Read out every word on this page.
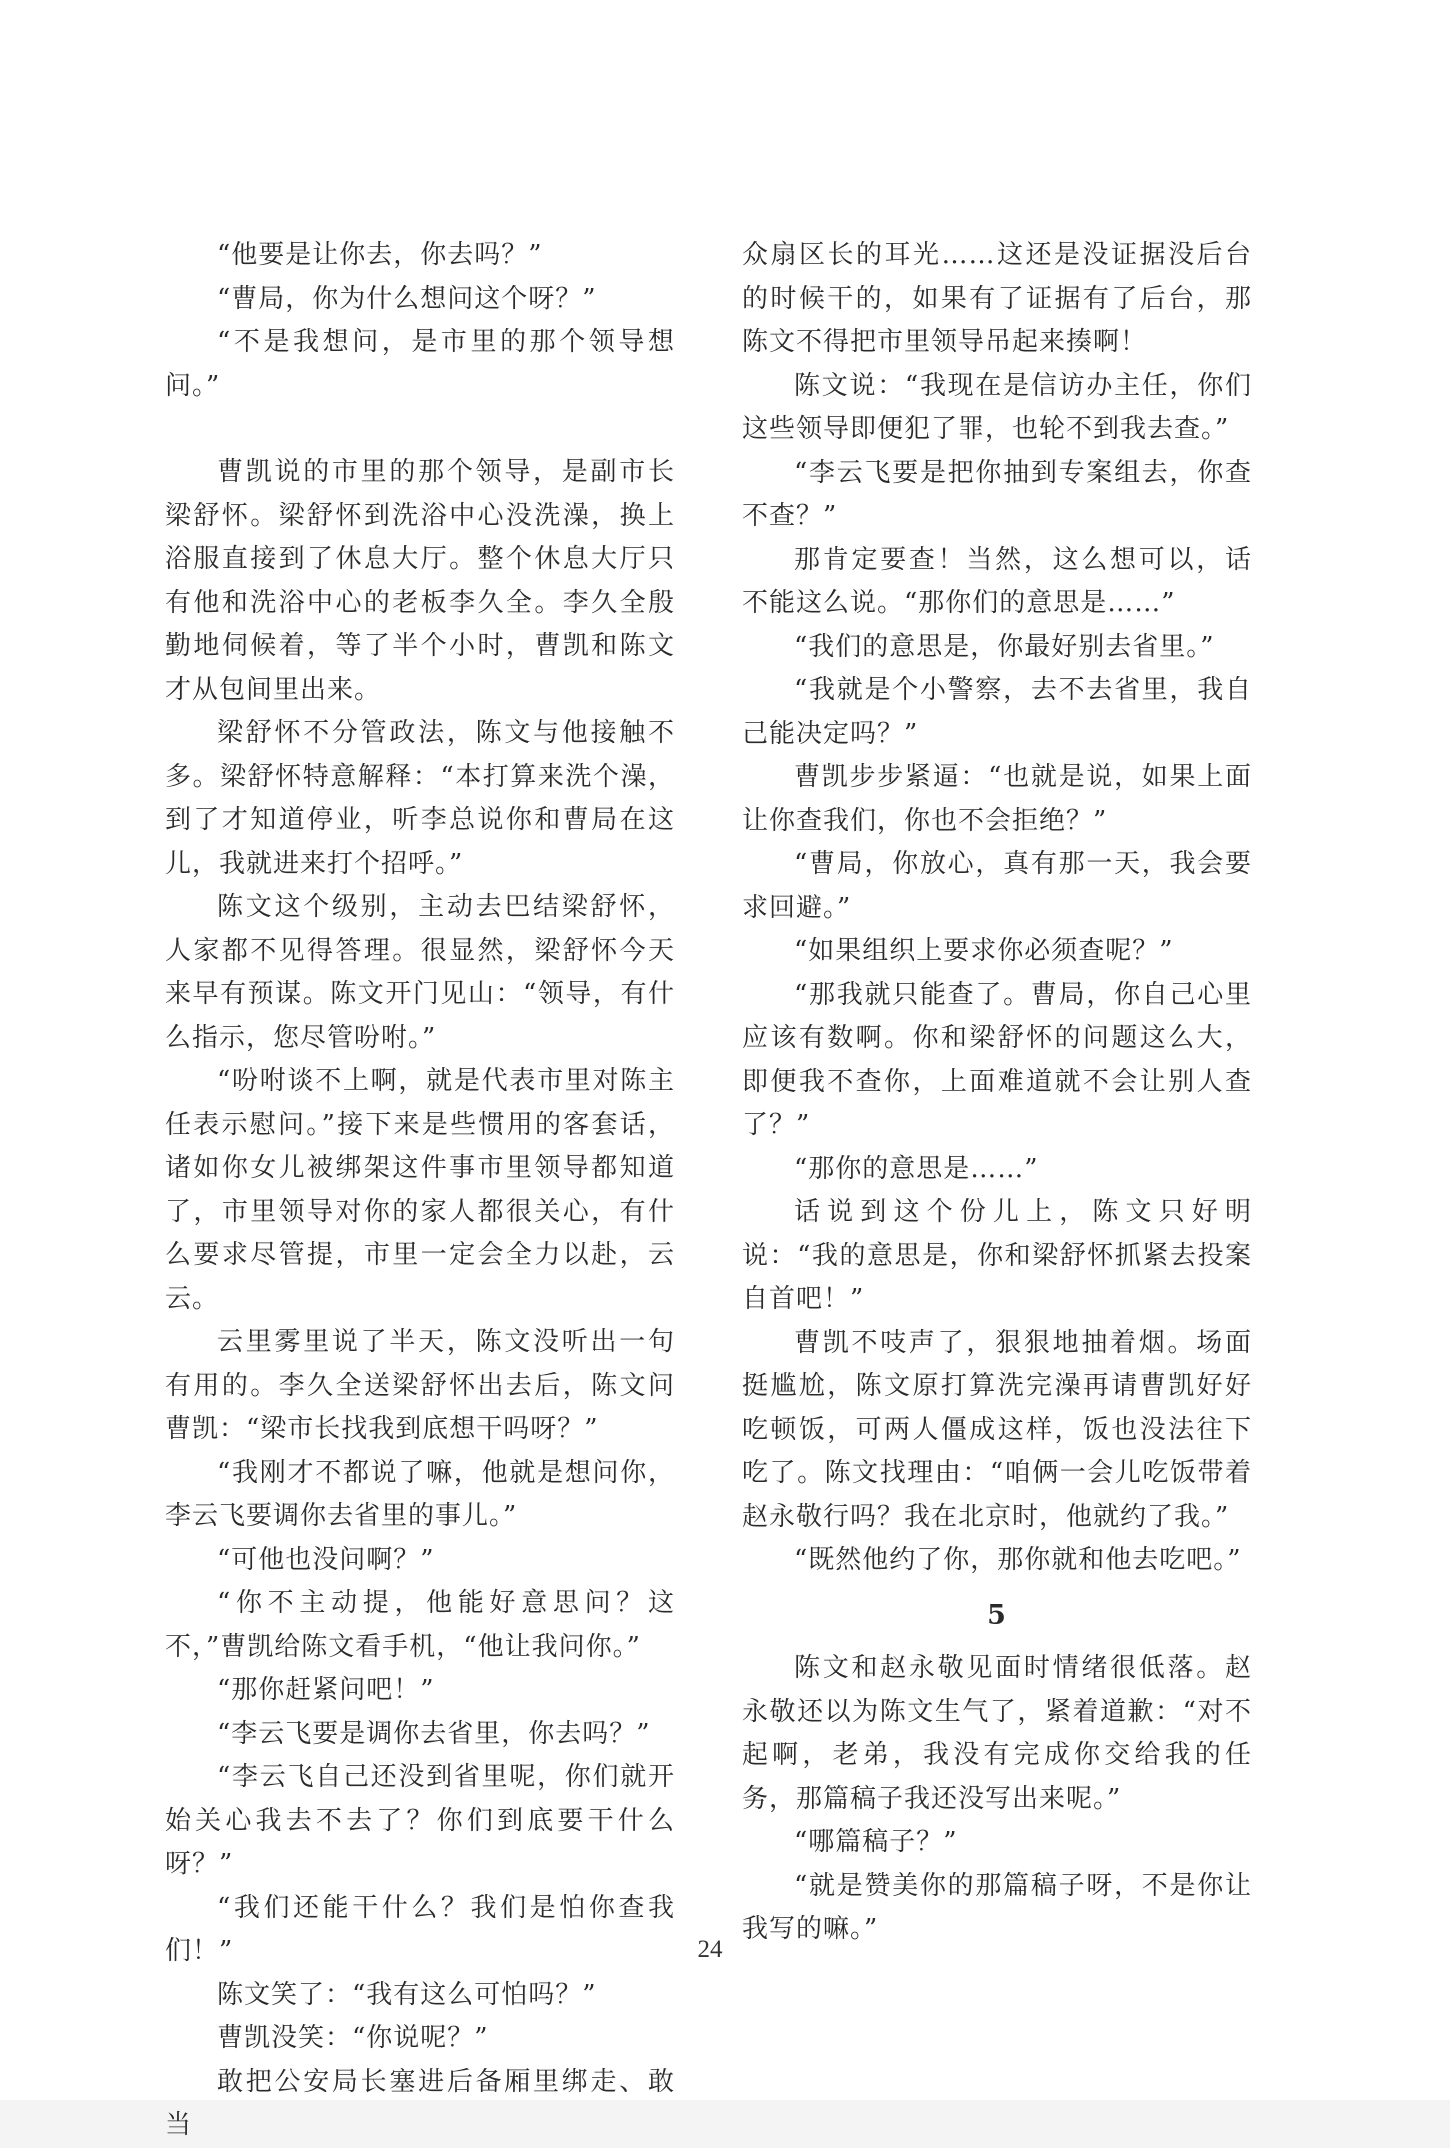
“他要是让你去，你去吗？”

“曹局，你为什么想问这个呀？”

“不是我想问，是市里的那个领导想问。”

曹凯说的市里的那个领导，是副市长梁舒怀。梁舒怀到洗浴中心没洗澡，换上浴服直接到了休息大厅。整个休息大厅只有他和洗浴中心的老板李久全。李久全殷勤地伺候着，等了半个小时，曹凯和陈文才从包间里出来。

梁舒怀不分管政法，陈文与他接触不多。梁舒怀特意解释：“本打算来洗个澡，到了才知道停业，听李总说你和曹局在这儿，我就进来打个招呼。”

陈文这个级别，主动去巴结梁舒怀，人家都不见得答理。很显然，梁舒怀今天来早有预谋。陈文开门见山：“领导，有什么指示，您尽管吩咐。”

“吩咐谈不上啊，就是代表市里对陈主任表示慰问。”接下来是些惯用的客套话，诸如你女儿被绑架这件事市里领导都知道了，市里领导对你的家人都很关心，有什么要求尽管提，市里一定会全力以赴，云云。

云里雾里说了半天，陈文没听出一句有用的。李久全送梁舒怀出去后，陈文问曹凯：“梁市长找我到底想干吗呀？”

“我刚才不都说了嘛，他就是想问你，李云飞要调你去省里的事儿。”

“可他也没问啊？”

“你不主动提，他能好意思问？这不，”曹凯给陈文看手机，“他让我问你。”

“那你赶紧问吧！”

“李云飞要是调你去省里，你去吗？”

“李云飞自己还没到省里呢，你们就开始关心我去不去了？你们到底要干什么呀？”

“我们还能干什么？我们是怕你查我们！”

陈文笑了：“我有这么可怕吗？”

曹凯没笑：“你说呢？”

敢把公安局长塞进后备厢里绑走、敢当

众扇区长的耳光……这还是没证据没后台的时候干的，如果有了证据有了后台，那陈文不得把市里领导吊起来揍啊！

陈文说：“我现在是信访办主任，你们这些领导即便犯了罪，也轮不到我去查。”

“李云飞要是把你抽到专案组去，你查不查？”

那肯定要查！当然，这么想可以，话不能这么说。“那你们的意思是……”

“我们的意思是，你最好别去省里。”

“我就是个小警察，去不去省里，我自己能决定吗？”

曹凯步步紧逼：“也就是说，如果上面让你查我们，你也不会拒绝？”

“曹局，你放心，真有那一天，我会要求回避。”

“如果组织上要求你必须查呢？”

“那我就只能查了。曹局，你自己心里应该有数啊。你和梁舒怀的问题这么大，即便我不查你，上面难道就不会让别人查了？”

“那你的意思是……”

话说到这个份儿上，陈文只好明说：“我的意思是，你和梁舒怀抓紧去投案自首吧！”

曹凯不吱声了，狠狠地抽着烟。场面挺尴尬，陈文原打算洗完澡再请曹凯好好吃顿饭，可两人僵成这样，饭也没法往下吃了。陈文找理由：“咱俩一会儿吃饭带着赵永敬行吗？我在北京时，他就约了我。”

“既然他约了你，那你就和他去吃吧。”

5

陈文和赵永敬见面时情绪很低落。赵永敬还以为陈文生气了，紧着道歉：“对不起啊，老弟，我没有完成你交给我的任务，那篇稿子我还没写出来呢。”

“哪篇稿子？”

“就是赞美你的那篇稿子呀，不是你让我写的嘛。”

24
